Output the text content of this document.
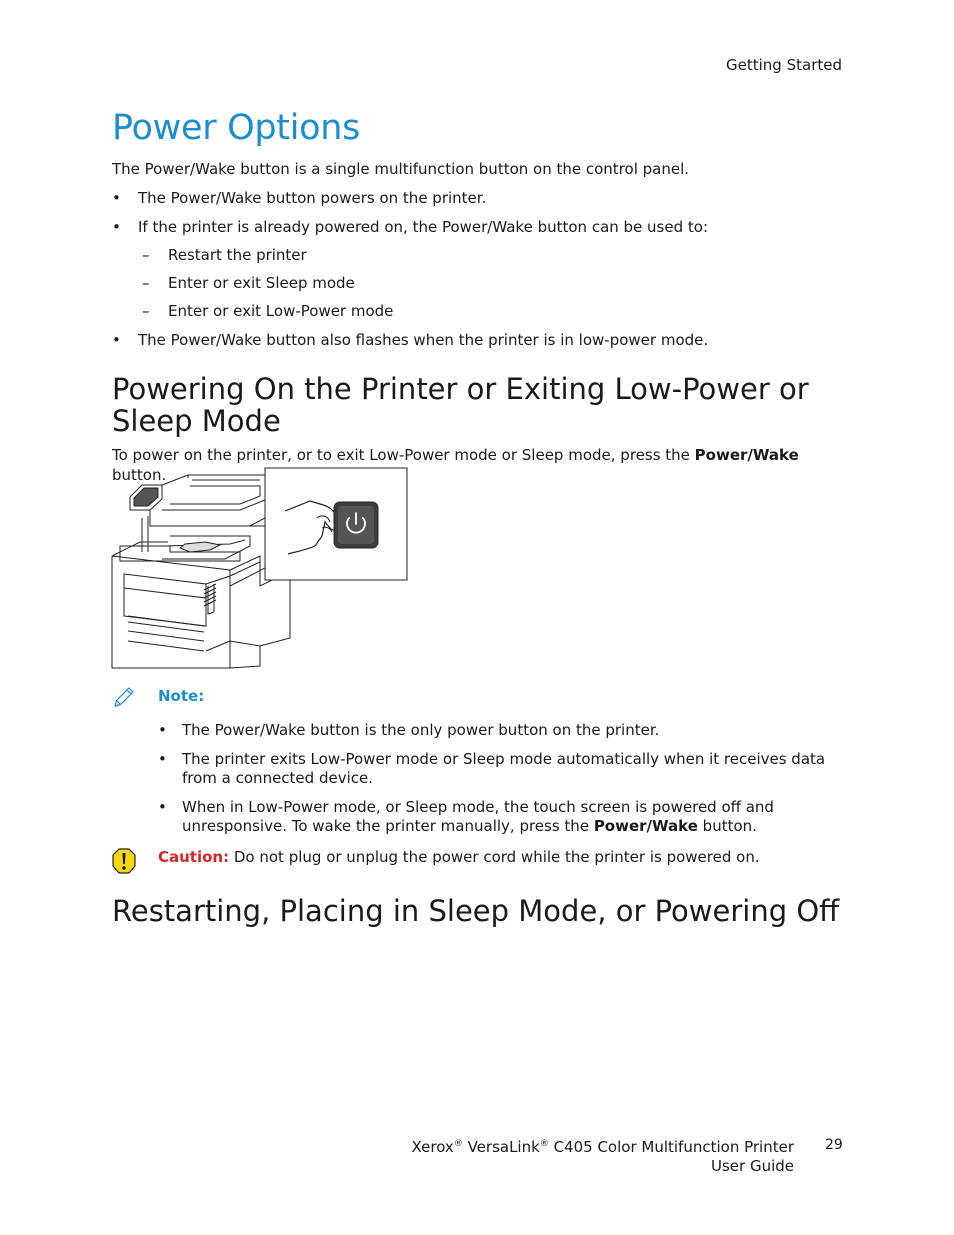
Getting Started
Power Options
The Power/Wake button is a single multifunction button on the control panel.
• The Power/Wake button powers on the printer.
• If the printer is already powered on, the Power/Wake button can be used to:
– Restart the printer
– Enter or exit Sleep mode
– Enter or exit Low-Power mode
• The Power/Wake button also flashes when the printer is in low-power mode.
Powering On the Printer or Exiting Low-Power or Sleep Mode
To power on the printer, or to exit Low-Power mode or Sleep mode, press the Power/Wake button.
Note:
• The Power/Wake button is the only power button on the printer.
• The printer exits Low-Power mode or Sleep mode automatically when it receives data from a connected device.
• When in Low-Power mode, or Sleep mode, the touch screen is powered off and unresponsive. To wake the printer manually, press the Power/Wake button.
Caution: Do not plug or unplug the power cord while the printer is powered on.
Restarting, Placing in Sleep Mode, or Powering Off
Xerox® VersaLink® C405 Color Multifunction Printer
User Guide
29
